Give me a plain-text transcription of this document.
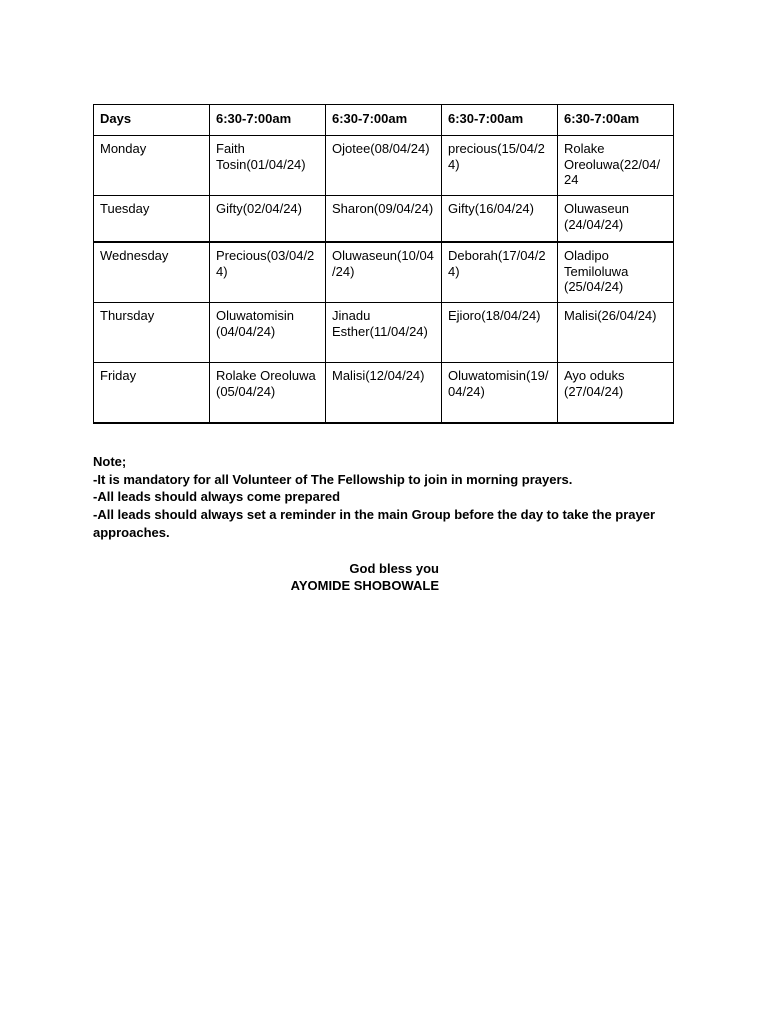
Days	6:30-7:00am	6:30-7:00am	6:30-7:00am	6:30-7:00am
Monday	Faith Tosin(01/04/24)	Ojotee(08/04/24)	precious(15/04/24)	Rolake Oreoluwa(22/04/24
Tuesday	Gifty(02/04/24)	Sharon(09/04/24)	Gifty(16/04/24)	Oluwaseun (24/04/24)
Wednesday	Precious(03/04/24)	Oluwaseun(10/04/24)	Deborah(17/04/24)	Oladipo Temiloluwa (25/04/24)
Thursday	Oluwatomisin (04/04/24)	Jinadu Esther(11/04/24)	Ejioro(18/04/24)	Malisi(26/04/24)
Friday	Rolake Oreoluwa (05/04/24)	Malisi(12/04/24)	Oluwatomisin(19/04/24)	Ayo oduks (27/04/24)
Note;
-It is mandatory for all Volunteer of The Fellowship to join in morning prayers.
-All leads should always come prepared
-All leads should always set a reminder in the main Group before the day to take the prayer approaches.
God bless you
AYOMIDE SHOBOWALE
